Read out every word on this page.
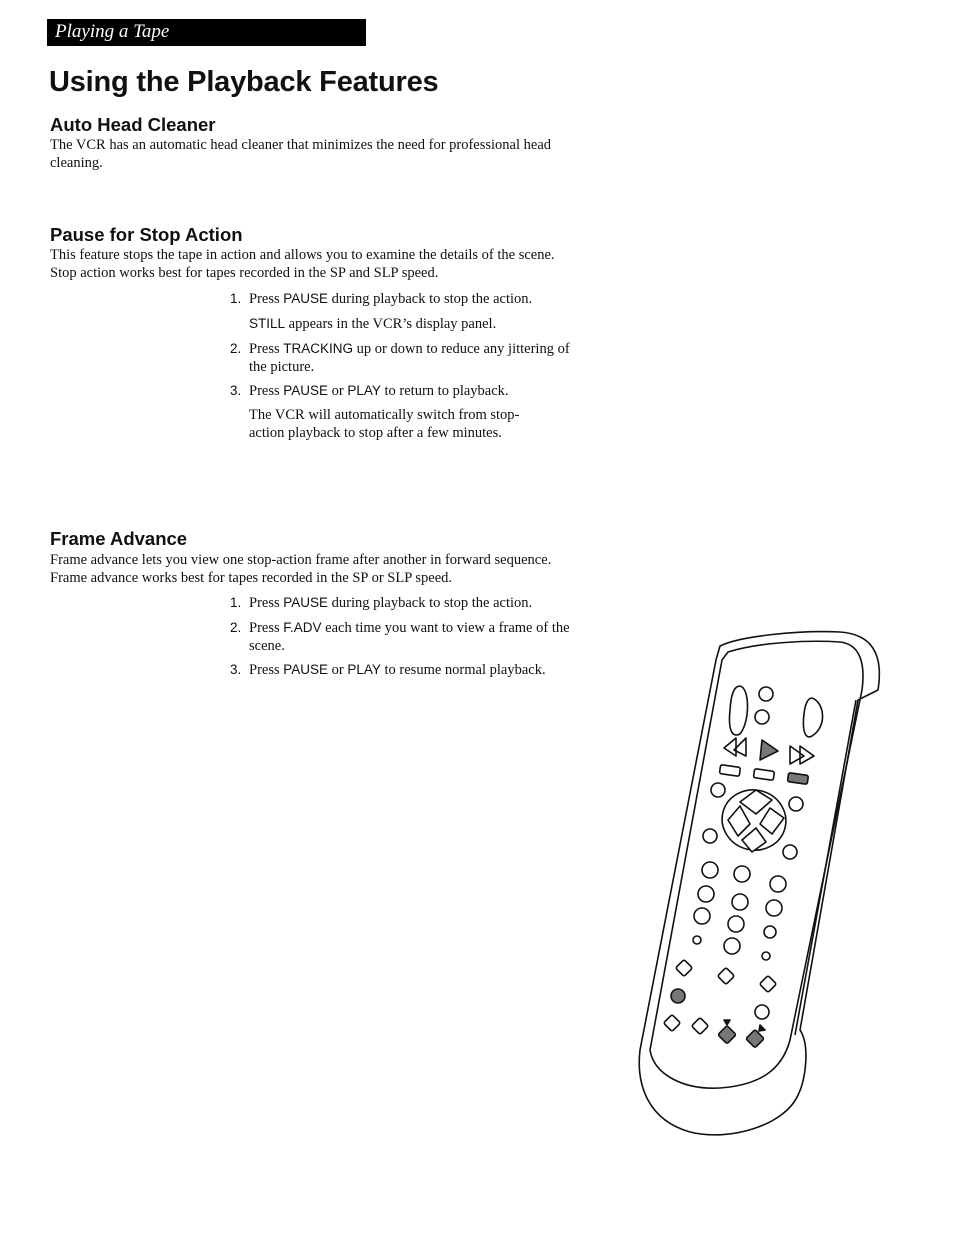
Playing a Tape
Using the Playback Features
Auto Head Cleaner

The VCR has an automatic head cleaner that minimizes the need for professional head cleaning.

Pause for Stop Action

This feature stops the tape in action and allows you to examine the details of the scene. Stop action works best for tapes recorded in the SP and SLP speed.

1. Press PAUSE during playback to stop the action.

STILL appears in the VCR’s display panel.

2. Press TRACKING up or down to reduce any jittering of the picture.
3. Press PAUSE or PLAY to return to playback.

The VCR will automatically switch from stop-action playback to stop after a few minutes.

Frame Advance

Frame advance lets you view one stop-action frame after another in forward sequence. Frame advance works best for tapes recorded in the SP or SLP speed.

1. Press PAUSE during playback to stop the action.
2. Press F.ADV each time you want to view a frame of the scene.
3. Press PAUSE or PLAY to resume normal playback.
